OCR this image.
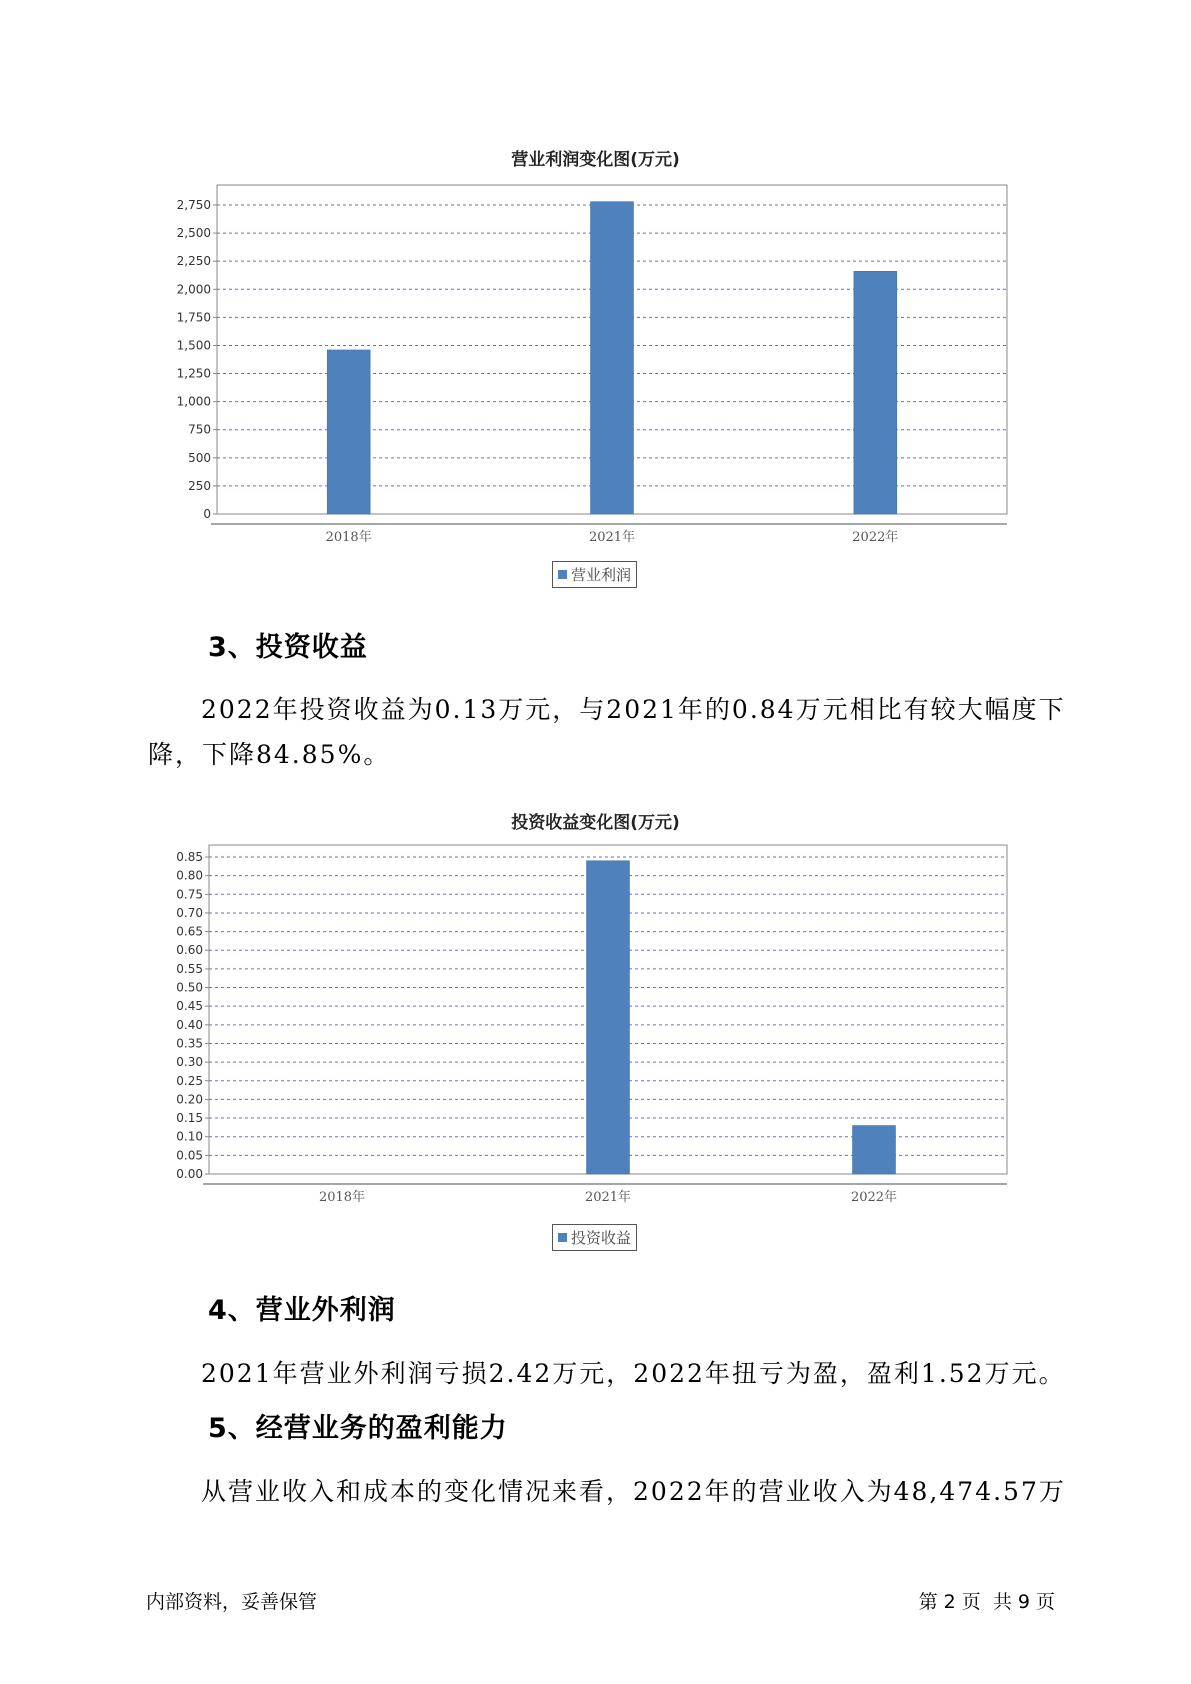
营业利润变化图(万元)
0
250
500
750
1,000
1,250
1,500
1,750
2,000
2,250
2,500
2,750
2018年	2021年	2022年
营业利润
3、投资收益
2022年投资收益为0.13万元，与2021年的0.84万元相比有较大幅度下
降，下降84.85%。
投资收益变化图(万元)
0.00
0.05
0.10
0.15
0.20
0.25
0.30
0.35
0.40
0.45
0.50
0.55
0.60
0.65
0.70
0.75
0.80
0.85
2018年	2021年	2022年
投资收益
4、营业外利润
2021年营业外利润亏损2.42万元，2022年扭亏为盈，盈利1.52万元。
5、经营业务的盈利能力
从营业收入和成本的变化情况来看，2022年的营业收入为48,474.57万
内部资料，妥善保管	第 2 页  共 9 页
